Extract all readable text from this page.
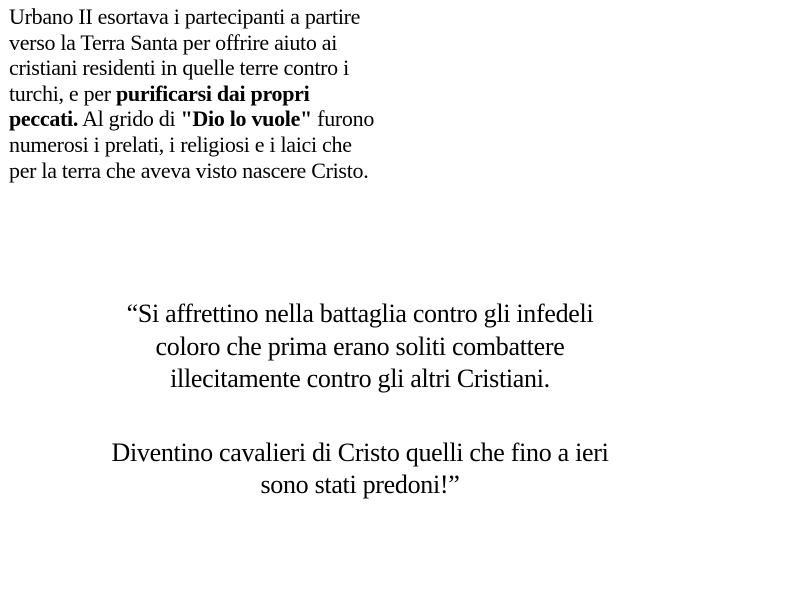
Urbano II esortava i partecipanti a partire
verso la Terra Santa per offrire aiuto ai
cristiani residenti in quelle terre contro i
turchi, e per purificarsi dai propri
peccati. Al grido di "Dio lo vuole" furono
numerosi i prelati, i religiosi e i laici che
per la terra che aveva visto nascere Cristo.
“Si affrettino nella battaglia contro gli infedeli
coloro che prima erano soliti combattere
illecitamente contro gli altri Cristiani.
Diventino cavalieri di Cristo quelli che fino a ieri
sono stati predoni!”
